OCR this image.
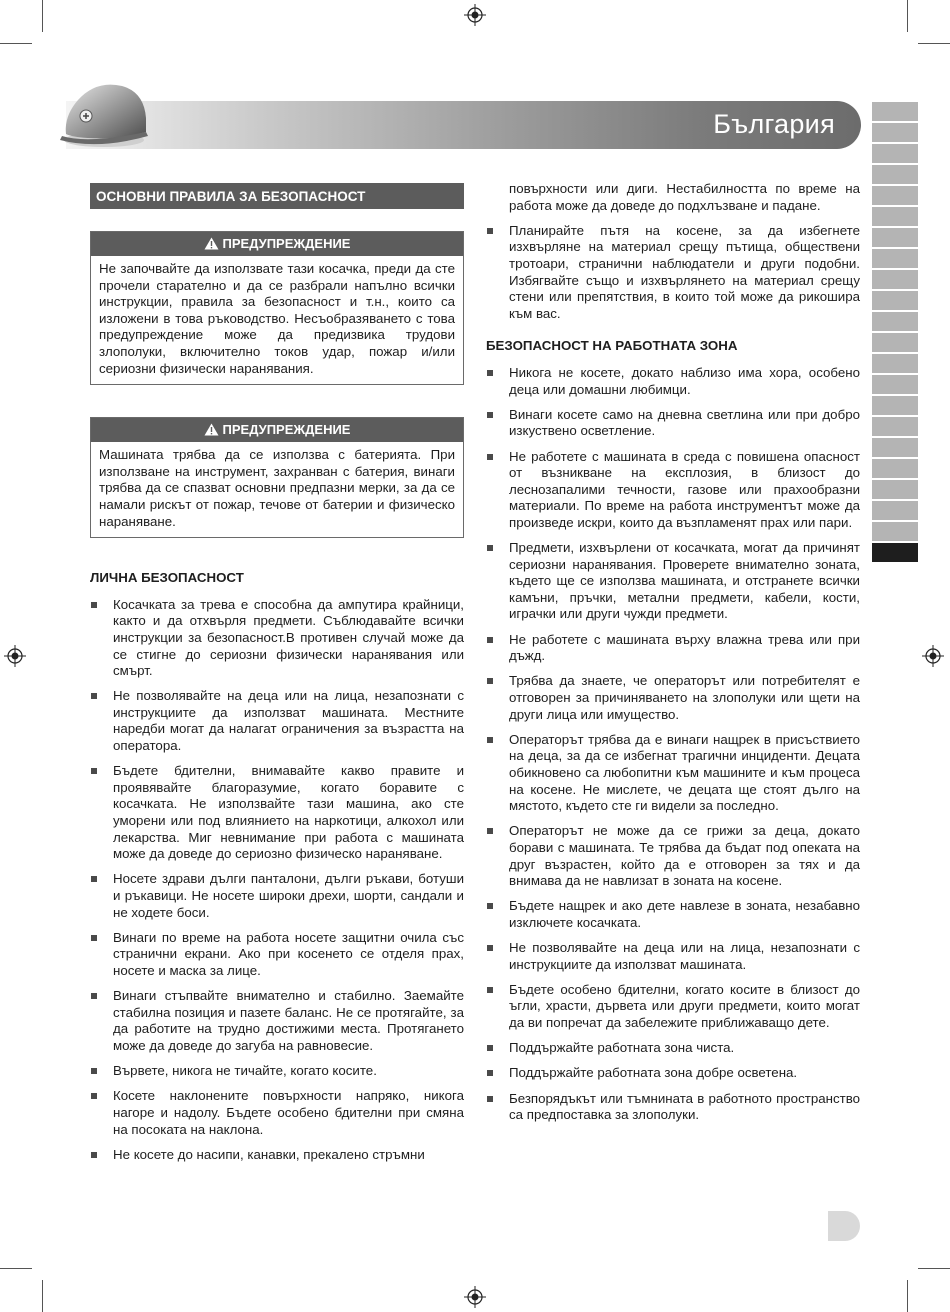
България
ОСНОВНИ ПРАВИЛА ЗА БЕЗОПАСНОСТ
ПРЕДУПРЕЖДЕНИЕ
Не започвайте да използвате тази косачка, преди да сте прочели старателно и да се разбрали напълно всички инструкции, правила за безопасност и т.н., които са изложени в това ръководство. Несъобразяването с това предупреждение може да предизвика трудови злополуки, включително токов удар, пожар и/или сериозни физически наранявания.
ПРЕДУПРЕЖДЕНИЕ
Машината трябва да се използва с батерията. При използване на инструмент, захранван с батерия, винаги трябва да се спазват основни предпазни мерки, за да се намали рискът от пожар, течове от батерии и физическо нараняване.
ЛИЧНА БЕЗОПАСНОСТ
Косачката за трева е способна да ампутира крайници, както и да отхвърля предмети. Съблюдавайте всички инструкции за безопасност.В противен случай може да се стигне до сериозни физически наранявания или смърт.
Не позволявайте на деца или на лица, незапознати с инструкциите да използват машината. Местните наредби могат да налагат ограничения за възрастта на оператора.
Бъдете бдителни, внимавайте какво правите и проявявайте благоразумие, когато боравите с косачката. Не използвайте тази машина, ако сте уморени или под влиянието на наркотици, алкохол или лекарства. Миг невнимание при работа с машината може да доведе до сериозно физическо нараняване.
Носете здрави дълги панталони, дълги ръкави, ботуши и ръкавици. Не носете широки дрехи, шорти, сандали и не ходете боси.
Винаги по време на работа носете защитни очила със странични екрани. Ако при косенето се отделя прах, носете и маска за лице.
Винаги стъпвайте внимателно и стабилно. Заемайте стабилна позиция и пазете баланс. Не се протягайте, за да работите на трудно достижими места. Протягането може да доведе до загуба на равновесие.
Вървете, никога не тичайте, когато косите.
Косете наклонените повърхности напряко, никога нагоре и надолу. Бъдете особено бдителни при смяна на посоката на наклона.
Не косете до насипи, канавки, прекалено стръмни
повърхности или диги. Нестабилността по време на работа може да доведе до подхлъзване и падане.
Планирайте пътя на косене, за да избегнете изхвърляне на материал срещу пътища, обществени тротоари, странични наблюдатели и други подобни. Избягвайте също и изхвърлянето на материал срещу стени или препятствия, в които той може да рикошира към вас.
БЕЗОПАСНОСТ НА РАБОТНАТА ЗОНА
Никога не косете, докато наблизо има хора, особено деца или домашни любимци.
Винаги косете само на дневна светлина или при добро изкуствено осветление.
Не работете с машината в среда с повишена опасност от възникване на експлозия, в близост до леснозапалими течности, газове или прахообразни материали. По време на работа инструментът може да произведе искри, които да възпламенят прах или пари.
Предмети, изхвърлени от косачката, могат да причинят сериозни наранявания. Проверете внимателно зоната, където ще се използва машината, и отстранете всички камъни, пръчки, метални предмети, кабели, кости, играчки или други чужди предмети.
Не работете с машината върху влажна трева или при дъжд.
Трябва да знаете, че операторът или потребителят е отговорен за причиняването на злополуки или щети на други лица или имущество.
Операторът трябва да е винаги нащрек в присъствието на деца, за да се избегнат трагични инциденти. Децата обикновено са любопитни към машините и към процеса на косене. Не мислете, че децата ще стоят дълго на мястото, където сте ги видели за последно.
Операторът не може да се грижи за деца, докато борави с машината. Те трябва да бъдат под опеката на друг възрастен, който да е отговорен за тях и да внимава да не навлизат в зоната на косене.
Бъдете нащрек и ако дете навлезе в зоната, незабавно изключете косачката.
Не позволявайте на деца или на лица, незапознати с инструкциите да използват машината.
Бъдете особено бдителни, когато косите в близост до ъгли, храсти, дървета или други предмети, които могат да ви попречат да забележите приближаващо дете.
Поддържайте работната зона чиста.
Поддържайте работната зона добре осветена.
Безпорядъкът или тъмнината в работното пространство са предпоставка за злополуки.
